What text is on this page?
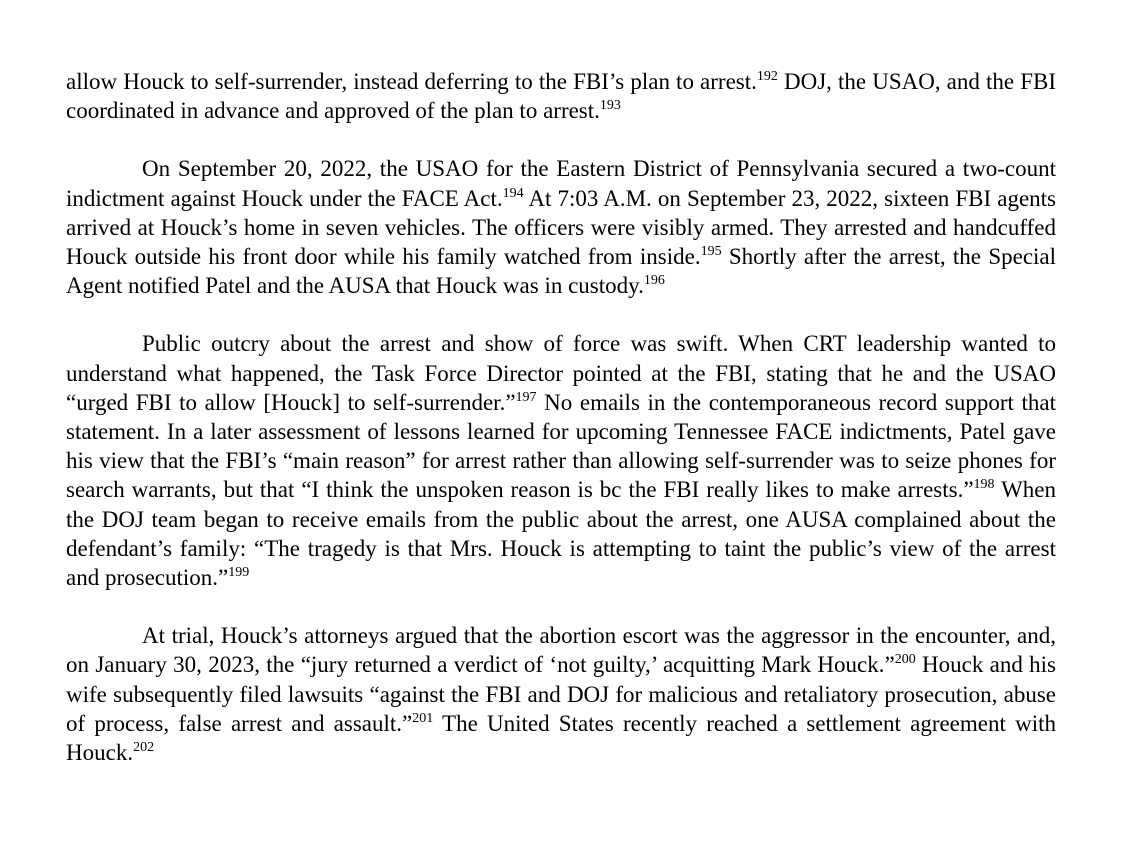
allow Houck to self-surrender, instead deferring to the FBI’s plan to arrest.$^{192}$ DOJ, the USAO, and the FBI coordinated in advance and approved of the plan to arrest.$^{193}$

On September 20, 2022, the USAO for the Eastern District of Pennsylvania secured a two-count indictment against Houck under the FACE Act.$^{194}$ At 7:03 A.M. on September 23, 2022, sixteen FBI agents arrived at Houck’s home in seven vehicles. The officers were visibly armed. They arrested and handcuffed Houck outside his front door while his family watched from inside.$^{195}$ Shortly after the arrest, the Special Agent notified Patel and the AUSA that Houck was in custody.$^{196}$

Public outcry about the arrest and show of force was swift. When CRT leadership wanted to understand what happened, the Task Force Director pointed at the FBI, stating that he and the USAO “urged FBI to allow [Houck] to self-surrender.”$^{197}$ No emails in the contemporaneous record support that statement. In a later assessment of lessons learned for upcoming Tennessee FACE indictments, Patel gave his view that the FBI’s “main reason” for arrest rather than allowing self-surrender was to seize phones for search warrants, but that “I think the unspoken reason is bc the FBI really likes to make arrests.”$^{198}$ When the DOJ team began to receive emails from the public about the arrest, one AUSA complained about the defendant’s family: “The tragedy is that Mrs. Houck is attempting to taint the public’s view of the arrest and prosecution.”$^{199}$

At trial, Houck’s attorneys argued that the abortion escort was the aggressor in the encounter, and, on January 30, 2023, the “jury returned a verdict of ‘not guilty,’ acquitting Mark Houck.”$^{200}$ Houck and his wife subsequently filed lawsuits “against the FBI and DOJ for malicious and retaliatory prosecution, abuse of process, false arrest and assault.”$^{201}$ The United States recently reached a settlement agreement with Houck.$^{202}$
